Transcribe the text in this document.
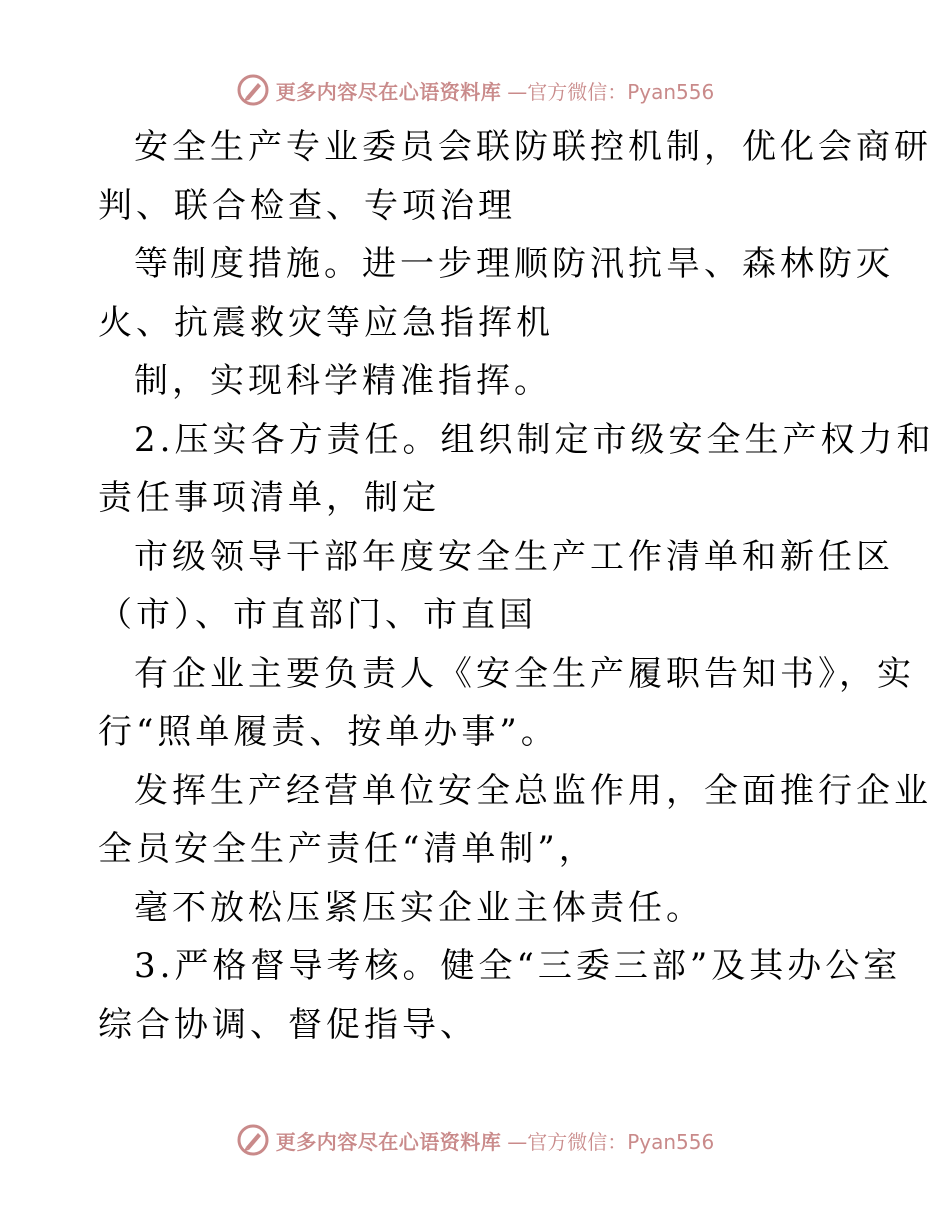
更多内容尽在心语资料库 —官方微信：Pyan556
安全生产专业委员会联防联控机制，优化会商研
判、联合检查、专项治理
等制度措施。进一步理顺防汛抗旱、森林防灭
火、抗震救灾等应急指挥机
制，实现科学精准指挥。
2.压实各方责任。组织制定市级安全生产权力和
责任事项清单，制定
市级领导干部年度安全生产工作清单和新任区
（市）、市直部门、市直国
有企业主要负责人《安全生产履职告知书》，实
行“照单履责、按单办事”。
发挥生产经营单位安全总监作用，全面推行企业
全员安全生产责任“清单制”，
毫不放松压紧压实企业主体责任。
3.严格督导考核。健全“三委三部”及其办公室
综合协调、督促指导、
更多内容尽在心语资料库 —官方微信：Pyan556
